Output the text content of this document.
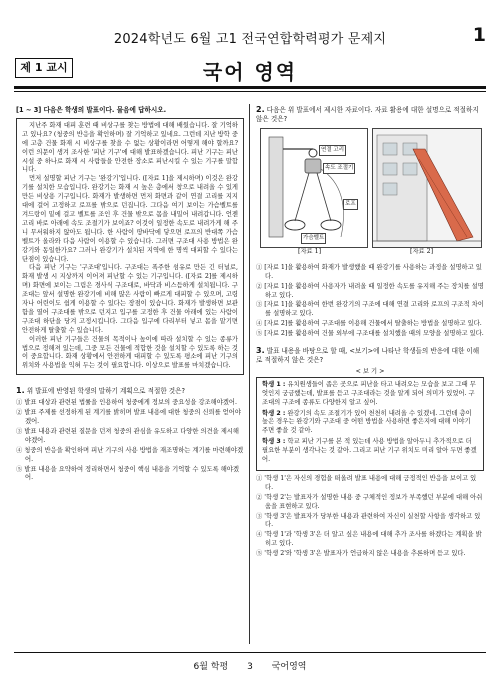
2024학년도 6월 고1 전국연합학력평가 문제지	1
제 1 교시	국어 영역
[1 ~ 3] 다음은 학생의 발표이다. 물음에 답하시오.

지난주 화재 대피 훈련 때 비상구를 찾는 방법에 대해 배웠습니다. 잘 기억하고 있나요? (청중의 반응을 확인하며) 잘 기억하고 있네요. 그런데 지난 방학 중에 고층 건물 화재 시 비상구를 찾을 수 없는 상황이라면 어떻게 해야 할까요? 이런 의문이 생겨 조사한 '피난 기구'에 대해 발표하겠습니다. 피난 기구는 피난 시설 중 하나로 화재 시 사람들을 안전한 장소로 피난시킬 수 있는 기구를 말합니다.

먼저 설명할 피난 기구는 '완강기'입니다. ([자료 1]을 제시하며) 이것은 완강기를 설치한 모습입니다. 완강기는 화재 시 높은 층에서 창으로 내려올 수 있게 만든 비상용 기구입니다. 화재가 발생하면 먼저 화면과 같이 연결 고리를 지지대에 걸어 고정하고 로프를 밖으로 던집니다. 그다음 여기 보이는 가슴벨트를 겨드랑이 밑에 걸고 벨트를 조인 후 건물 밖으로 몸을 내밀어 내려갑니다. 언젠 고리 바로 아래에 속도 조절기가 보이죠? 이것이 일정한 속도로 내려가게 해 주니 무서워하지 않아도 됩니다. 한 사람이 땅바닥에 닿으면 로프의 반대쪽 가슴벨트가 올라와 다음 사람이 이용할 수 있습니다. 그러면 구조대 사용 방법은 완강기와 동일한가요? 그러나 완강기가 설치된 지역에 한 명씩 대피할 수 있다는 단점이 있습니다.

다음 피난 기구는 '구조대'입니다. 구조대는 폭주한 섬유로 만든 긴 터널로, 화재 발생 시 지상까지 이어져 피난할 수 있는 기구입니다. ([자료 2]를 제시하며) 화면에 보이는 그림은 경사식 구조대로, 바닥과 비스듬하게 설치됩니다. 구조대는 앞서 설명한 완강기에 비해 많은 사람이 빠르게 대피할 수 있으며, 고령자나 어린이도 쉽게 이용할 수 있다는 장점이 있습니다. 화재가 발생하면 보관함을 열어 구조대를 밖으로 던지고 입구를 고정한 후 건물 아래에 있는 사람이 구조대 하단을 당겨 고정시킵니다. 그다음 입구에 다리부터 넣고 몸을 맡기면 안전하게 탈출할 수 있습니다.

이러한 피난 기구들은 건물의 목적이나 높이에 따라 설치할 수 있는 종류가 법으로 정해져 있는데, 그중 모든 건물에 적합한 것을 설치할 수 있도록 하는 것이 중요합니다. 화재 상황에서 안전하게 대피할 수 있도록 평소에 피난 기구의 위치와 사용법을 익혀 두는 것이 필요합니다. 이상으로 발표를 마치겠습니다.

1. 위 발표에 반영된 학생의 말하기 계획으로 적절한 것은?
① 발표 대상과 관련된 법률을 인용하여 청중에게 정보의 중요성을 강조해야겠어.
② 발표 주제를 선정하게 된 계기를 밝히며 발표 내용에 대한 청중의 신뢰를 얻어야겠어.
③ 발표 내용과 관련된 질문을 던져 청중의 관심을 유도하고 다양한 의견을 제시해야겠어.
④ 청중의 반응을 확인하며 피난 기구의 사용 방법을 재조명하는 계기를 마련해야겠어.
⑤ 발표 내용을 요약하여 정리하면서 청중이 핵심 내용을 기억할 수 있도록 해야겠어.
2. 다음은 위 발표에서 제시한 자료이다. 자료 활용에 대한 설명으로 적절하지 않은 것은?
연결 고리
속도 조절기
가슴벨트
로프
[자료 1]	[자료 2]
① [자료 1]을 활용하여 화재가 발생했을 때 완강기를 사용하는 과정을 설명하고 있다.
② [자료 1]을 활용하여 사용자가 내려올 때 일정한 속도를 유지해 주는 장치를 설명하고 있다.
③ [자료 1]을 활용하여 한번 완강기의 구조에 대해 연결 고리와 로프의 구조적 차이를 설명하고 있다.
④ [자료 2]를 활용하여 구조대를 이용해 건물에서 탈출하는 방법을 설명하고 있다.
⑤ [자료 2]를 활용하여 건물 외부에 구조대를 설치했을 때의 모양을 설명하고 있다.
3. 발표 내용을 바탕으로 할 때, <보기>에 나타난 학생들의 반응에 대한 이해로 적절하지 않은 것은?
< 보 기 >

학생 1 : 유치원생들이 좁은 곳으로 피난을 타고 내려오는 모습을 보고 그때 무엇인지 궁금했는데, 발표를 듣고 구조대라는 것을 알게 되어 의미가 있었어. 구조대의 구조에 종류도 다양한지 알고 싶어.

학생 2 : 완강기의 속도 조절기가 있어 천천히 내려올 수 있겠네. 그런데 층이 높은 경우는 완강기와 구조대 중 어떤 방법을 사용하면 좋은지에 대해 이야기 주면 좋을 것 같아.

학생 3 : 학교 피난 기구를 본 적 있는데 사용 방법을 알아두니 추가적으로 더 필요한 부분이 생각나는 것 같아. 그리고 피난 기구 위치도 미리 알아 두면 좋겠어.

① '학생 1'은 자신의 경험을 떠올려 발표 내용에 대해 긍정적인 반응을 보이고 있다.
② '학생 2'는 발표자가 설명한 내용 중 구체적인 정보가 부족했던 부분에 대해 아쉬움을 표현하고 있다.
③ '학생 3'은 발표자가 당부한 내용과 관련하여 자신이 실천할 사항을 생각하고 있다.
④ '학생 1'과 '학생 3'은 더 알고 싶은 내용에 대해 추가 조사를 하겠다는 계획을 밝히고 있다.
⑤ '학생 2'와 '학생 3'은 발표자가 언급하지 않은 내용을 추론하며 듣고 있다.
6월 학평 3 국어영역
